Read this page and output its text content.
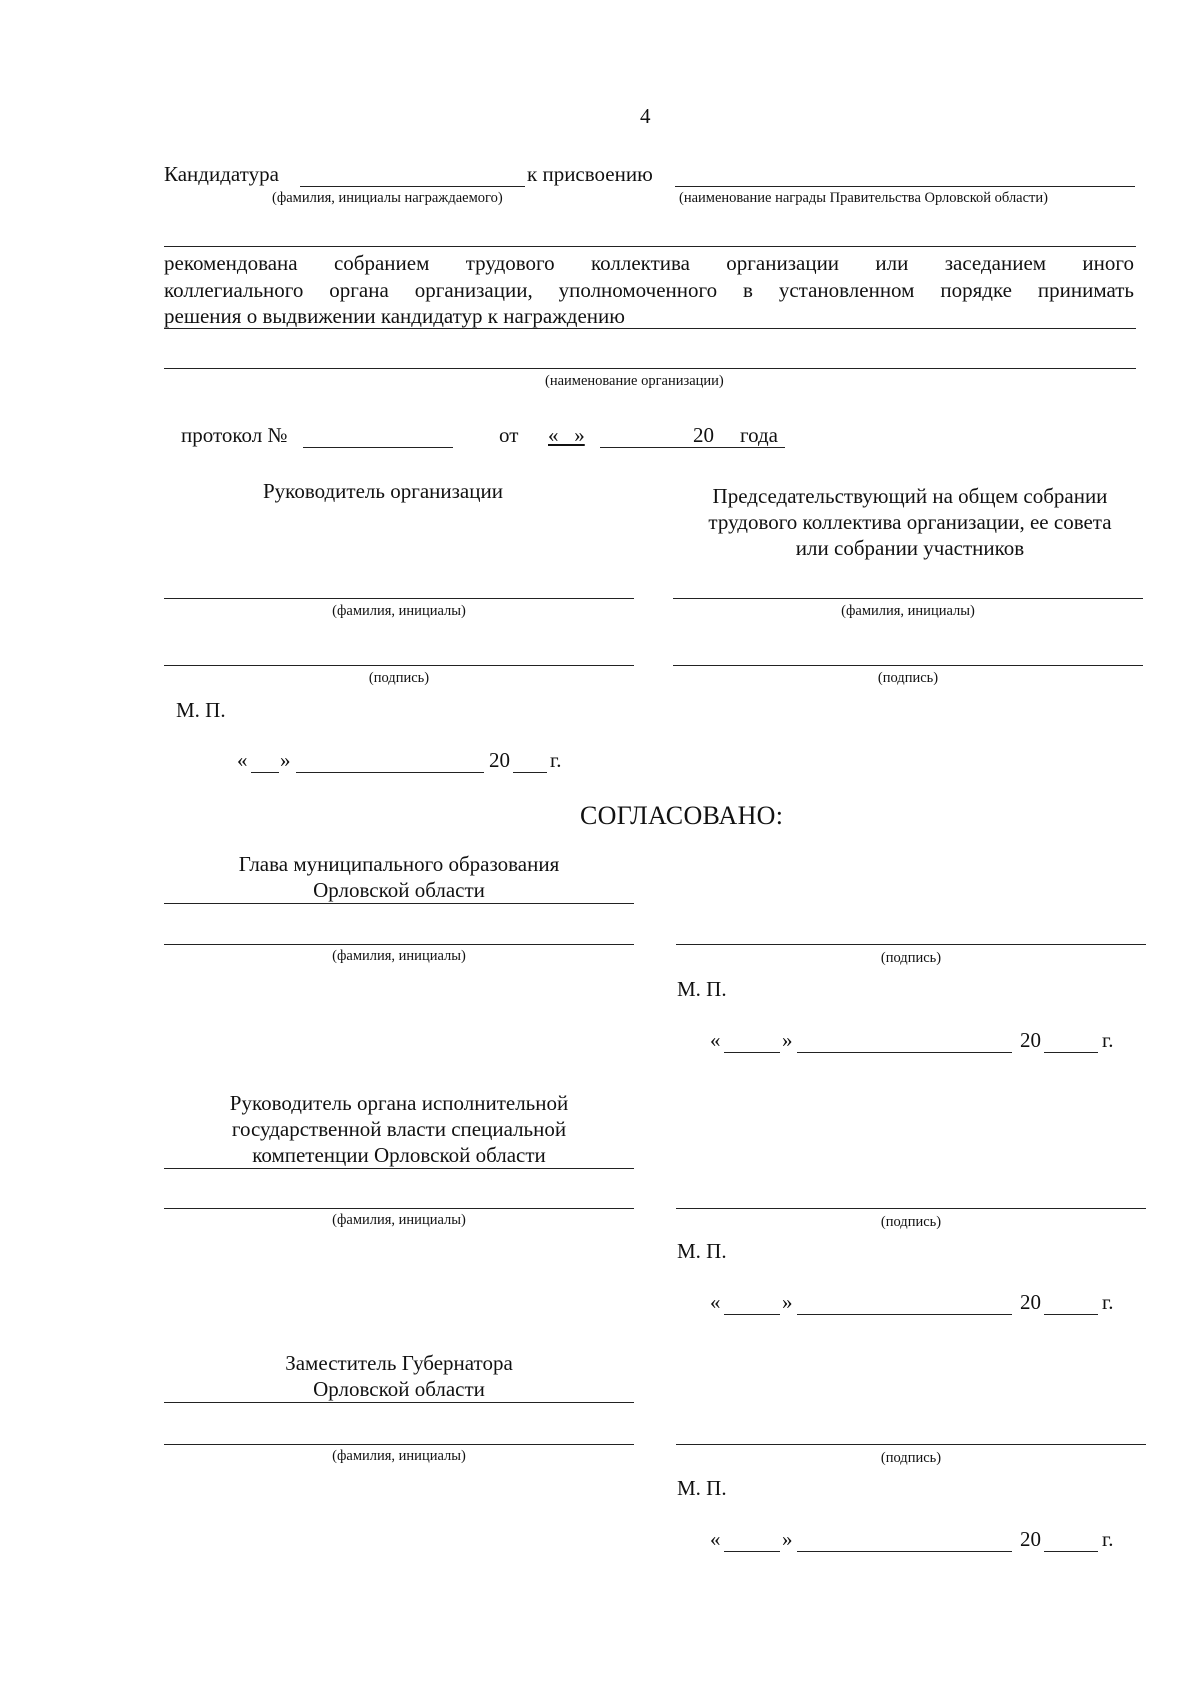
4
Кандидатура	к присвоению
(фамилия, инициалы награждаемого)	(наименование награды Правительства Орловской области)
рекомендована собранием трудового коллектива организации или заседанием иного
коллегиального органа организации, уполномоченного в установленном порядке принимать
решения о выдвижении кандидатур к награждению
(наименование организации)
протокол №	от «   »	20 года
Руководитель организации	Председательствующий на общем собрании
трудового коллектива организации, ее совета
или собрании участников
(фамилия, инициалы)	(фамилия, инициалы)
(подпись)	(подпись)
М. П.
« »	20 г.
СОГЛАСОВАНО:
Глава муниципального образования
Орловской области
(фамилия, инициалы)	(подпись)
М. П.
«	»	20	г.
Руководитель органа исполнительной
государственной власти специальной
компетенции Орловской области
(фамилия, инициалы)	(подпись)
М. П.
«	»	20	г.
Заместитель Губернатора
Орловской области
(фамилия, инициалы)	(подпись)
М. П.
«	»	20	г.
